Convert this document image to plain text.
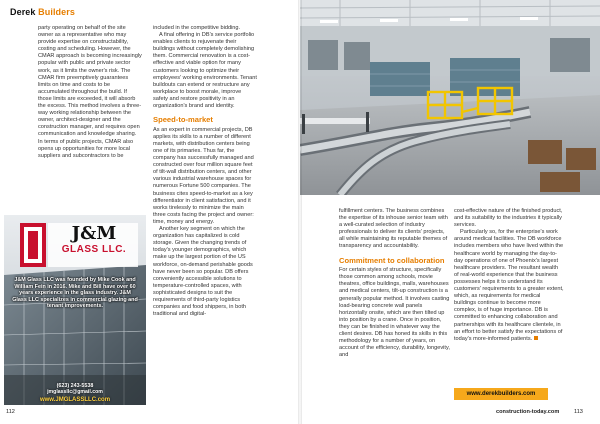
Derek Builders

party operating on behalf of the site owner as a representative who may provide expertise on constructability, costing and scheduling. However, the CMAR approach is becoming increasingly popular with public and private sector work, as it limits the owner's risk. The CMAR firm preemptively guarantees limits on time and costs to be accumulated throughout the build. If those limits are exceeded, it will absorb the excess. This method involves a three-way working relationship between the owner, architect-designer and the construction manager, and requires open communication and knowledge sharing. In terms of public projects, CMAR also opens up opportunities for more local suppliers and subcontractors to be

included in the competitive bidding.

A final offering in DB's service portfolio enables clients to rejuvenate their buildings without completely demolishing them. Commercial renovation is a cost-effective and viable option for many customers looking to optimize their employees' working environments. Tenant buildouts can extend or restructure any workplace to boost morale, improve safety and restore positivity in an organization's brand and identity.

Speed-to-market

As an expert in commercial projects, DB applies its skills to a number of different markets, with distribution centers being one of its primaries. Thus far, the company has successfully managed and constructed over four million square feet of tilt-wall distribution centers, and other various industrial warehouse spaces for numerous Fortune 500 companies. The business cites speed-to-market as a key differentiator in client satisfaction, and it works tirelessly to minimize the main three costs facing the project and owner: time, money and energy.

Another key segment on which the organization has capitalized is cold storage. Given the changing trends of today's younger demographics, which make up the largest portion of the US workforce, on-demand perishable goods have never been so popular. DB offers conveniently accessible solutions to temperature-controlled spaces, with sophisticated designs to suit the requirements of third-party logistics companies and food shippers, in both traditional and digital-

J&M
GLASS LLC.
J&M Glass LLC was founded by Mike Cook and William Fein in 2016. Mike and Bill have over 60 years experience in the glass industry. J&M Glass LLC specializes in commercial glazing and tenant improvements.
(623) 243-5538
jmglassllc@gmail.com
www.JMGLASSLLC.com
112

fulfillment centers. The business combines the expertise of its inhouse senior team with a well-curated selection of industry professionals to deliver its clients' projects, all while maintaining its reputable themes of transparency and accountability.

Commitment to collaboration

For certain styles of structure, specifically those common among schools, movie theatres, office buildings, malls, warehouses and medical centers, tilt-up construction is a generally popular method. It involves casting load-bearing concrete wall panels horizontally onsite, which are then tilted up into position by a crane. Once in position, they can be finished in whatever way the client desires. DB has honed its skills in this methodology for a number of years, on account of the efficiency, durability, longevity, and

cost-effective nature of the finished product, and its suitability to the industries it typically services.

Particularly so, for the enterprise's work around medical facilities. The DB workforce includes members who have lived within the healthcare world by managing the day-to-day operations of one of Phoenix's largest healthcare providers. The resultant wealth of real-world experience that the business possesses helps it to understand its customers' requirements to a greater extent, which, as requirements for medical buildings continue to become more complex, is of huge importance. DB is committed to enhancing collaboration and partnerships with its healthcare clientele, in an effort to better satisfy the expectations of today's more-informed patients.

www.derekbuilders.com
construction-today.com	113
